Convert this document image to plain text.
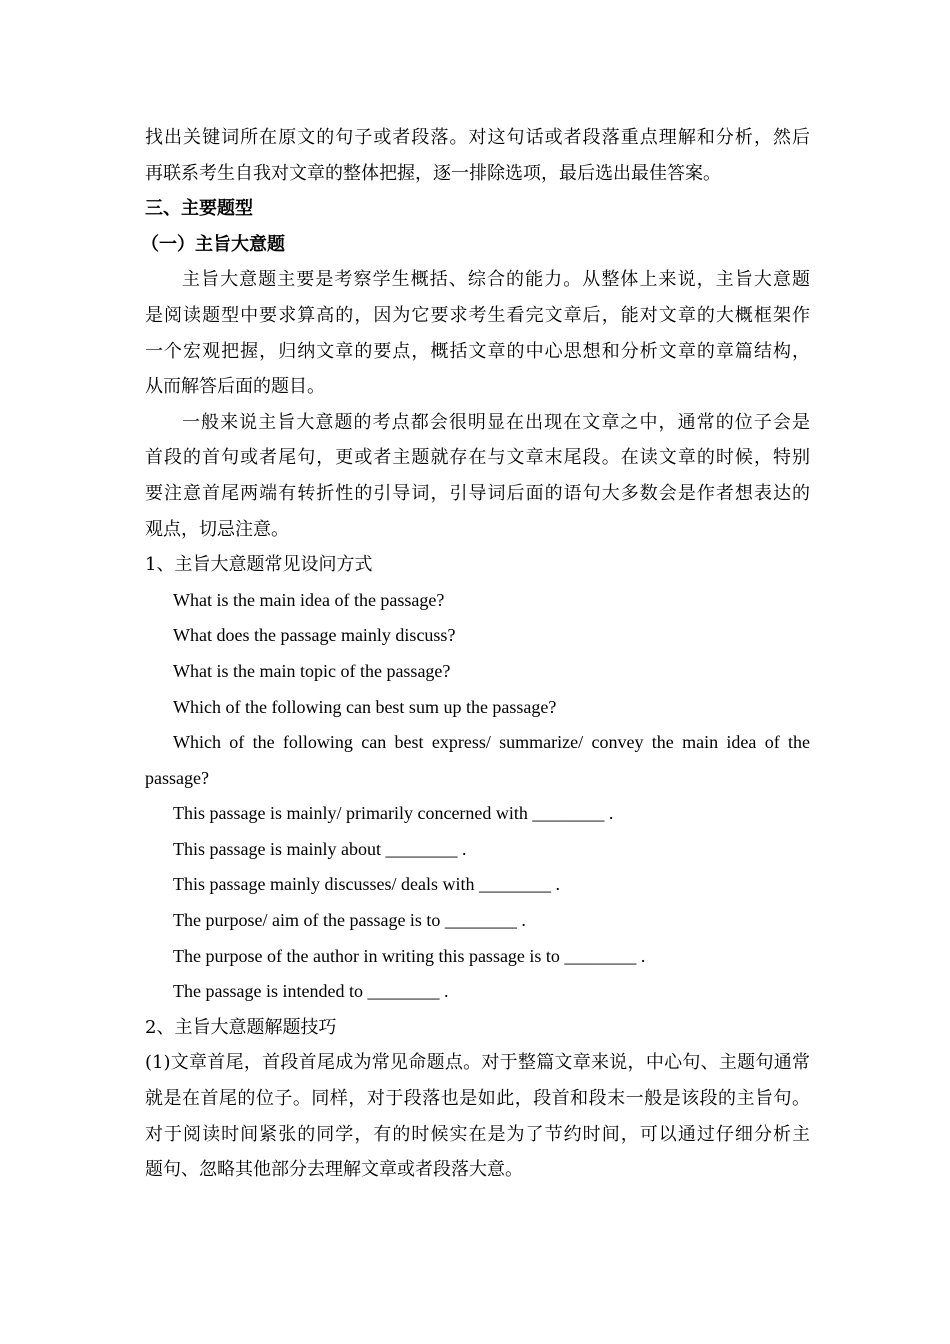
找出关键词所在原文的句子或者段落。对这句话或者段落重点理解和分析，然后
再联系考生自我对文章的整体把握，逐一排除选项，最后选出最佳答案。
三、主要题型
（一）主旨大意题
主旨大意题主要是考察学生概括、综合的能力。从整体上来说，主旨大意题
是阅读题型中要求算高的，因为它要求考生看完文章后，能对文章的大概框架作
一个宏观把握，归纳文章的要点，概括文章的中心思想和分析文章的章篇结构，
从而解答后面的题目。
一般来说主旨大意题的考点都会很明显在出现在文章之中，通常的位子会是
首段的首句或者尾句，更或者主题就存在与文章末尾段。在读文章的时候，特别
要注意首尾两端有转折性的引导词，引导词后面的语句大多数会是作者想表达的
观点，切忌注意。
1、主旨大意题常见设问方式
What is the main idea of the passage?
What does the passage mainly discuss?
What is the main topic of the passage?
Which of the following can best sum up the passage?
Which of the following can best express/ summarize/ convey the main idea of the
passage?
This passage is mainly/ primarily concerned with ________ .
This passage is mainly about ________ .
This passage mainly discusses/ deals with ________ .
The purpose/ aim of the passage is to ________ .
The purpose of the author in writing this passage is to ________ .
The passage is intended to ________ .
2、主旨大意题解题技巧
(1)文章首尾，首段首尾成为常见命题点。对于整篇文章来说，中心句、主题句通常
就是在首尾的位子。同样，对于段落也是如此，段首和段末一般是该段的主旨句。
对于阅读时间紧张的同学，有的时候实在是为了节约时间，可以通过仔细分析主
题句、忽略其他部分去理解文章或者段落大意。
